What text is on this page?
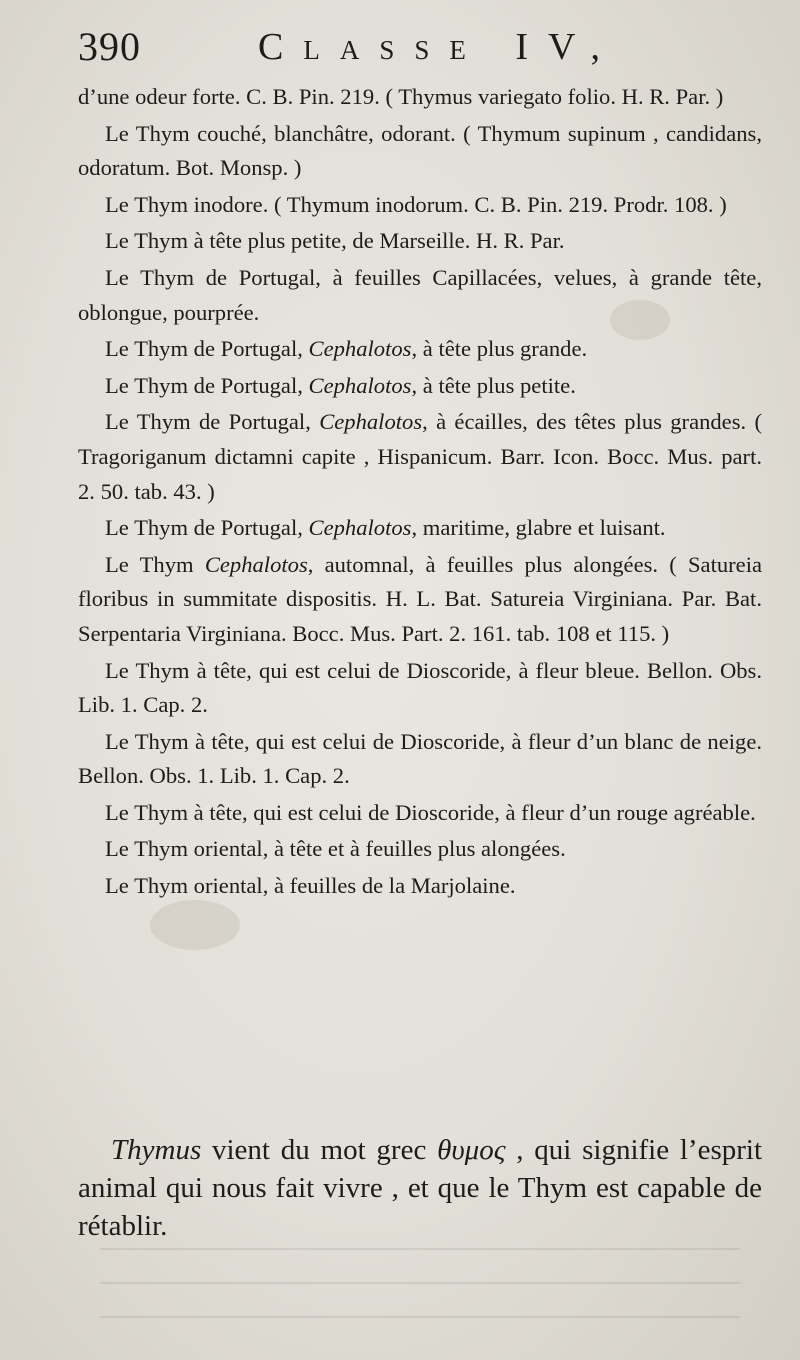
390	Classe IV,

d’une odeur forte. C. B. Pin. 219. ( Thymus variegato folio. H. R. Par. )

Le Thym couché, blanchâtre, odorant. ( Thymum supinum , candidans, odoratum. Bot. Monsp. )

Le Thym inodore. ( Thymum inodorum. C. B. Pin. 219. Prodr. 108. )

Le Thym à tête plus petite, de Marseille. H. R. Par.

Le Thym de Portugal, à feuilles Capillacées, velues, à grande tête, oblongue, pourprée.

Le Thym de Portugal, Cephalotos, à tête plus grande.

Le Thym de Portugal, Cephalotos, à tête plus petite.

Le Thym de Portugal, Cephalotos, à écailles, des têtes plus grandes. ( Tragoriganum dictamni capite , Hispanicum. Barr. Icon. Bocc. Mus. part. 2. 50. tab. 43. )

Le Thym de Portugal, Cephalotos, maritime, glabre et luisant.

Le Thym Cephalotos, automnal, à feuilles plus alongées. ( Satureia floribus in summitate dispositis. H. L. Bat. Satureia Virginiana. Par. Bat. Serpentaria Virginiana. Bocc. Mus. Part. 2. 161. tab. 108 et 115. )

Le Thym à tête, qui est celui de Dioscoride, à fleur bleue. Bellon. Obs. Lib. 1. Cap. 2.

Le Thym à tête, qui est celui de Dioscoride, à fleur d’un blanc de neige. Bellon. Obs. 1. Lib. 1. Cap. 2.

Le Thym à tête, qui est celui de Dioscoride, à fleur d’un rouge agréable.

Le Thym oriental, à tête et à feuilles plus alongées.

Le Thym oriental, à feuilles de la Marjolaine.

Thymus vient du mot grec θυμος , qui signifie l’esprit animal qui nous fait vivre , et que le Thym est capable de rétablir.
